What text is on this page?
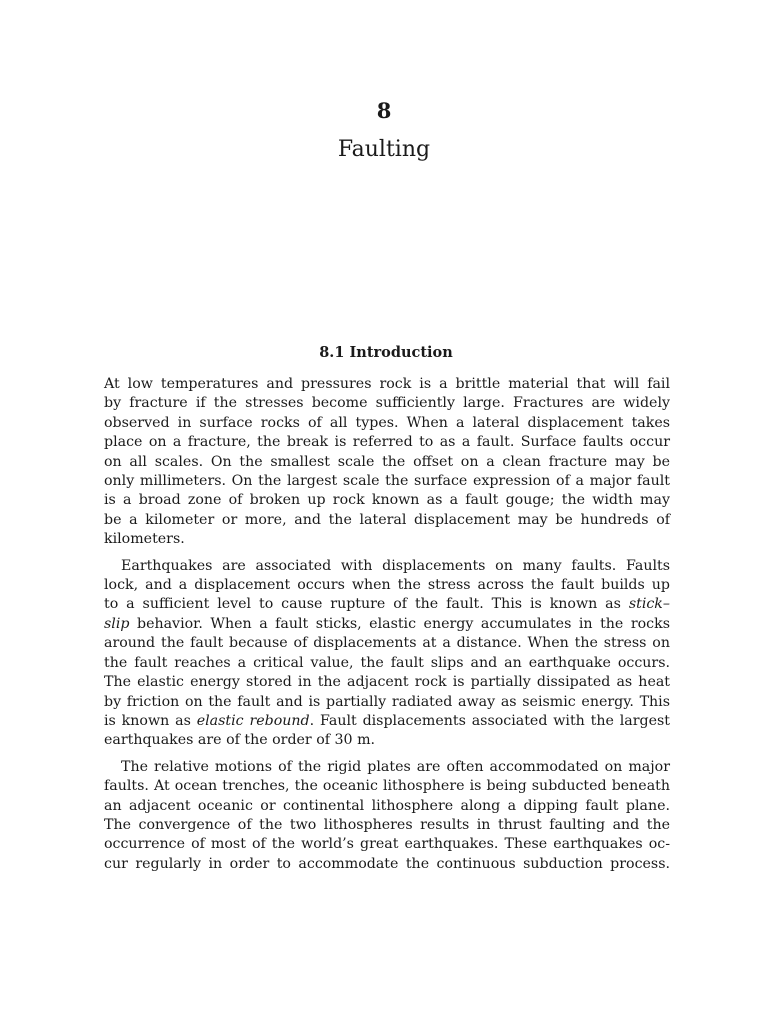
8
Faulting
8.1 Introduction
At low temperatures and pressures rock is a brittle material that will fail
by fracture if the stresses become sufficiently large. Fractures are widely
observed in surface rocks of all types. When a lateral displacement takes
place on a fracture, the break is referred to as a fault. Surface faults occur
on all scales. On the smallest scale the offset on a clean fracture may be
only millimeters. On the largest scale the surface expression of a major fault
is a broad zone of broken up rock known as a fault gouge; the width may
be a kilometer or more, and the lateral displacement may be hundreds of
kilometers.
Earthquakes are associated with displacements on many faults. Faults
lock, and a displacement occurs when the stress across the fault builds up
to a sufficient level to cause rupture of the fault. This is known as stick–
slip behavior. When a fault sticks, elastic energy accumulates in the rocks
around the fault because of displacements at a distance. When the stress on
the fault reaches a critical value, the fault slips and an earthquake occurs.
The elastic energy stored in the adjacent rock is partially dissipated as heat
by friction on the fault and is partially radiated away as seismic energy. This
is known as elastic rebound. Fault displacements associated with the largest
earthquakes are of the order of 30 m.
The relative motions of the rigid plates are often accommodated on major
faults. At ocean trenches, the oceanic lithosphere is being subducted beneath
an adjacent oceanic or continental lithosphere along a dipping fault plane.
The convergence of the two lithospheres results in thrust faulting and the
occurrence of most of the world’s great earthquakes. These earthquakes oc-
cur regularly in order to accommodate the continuous subduction process.
